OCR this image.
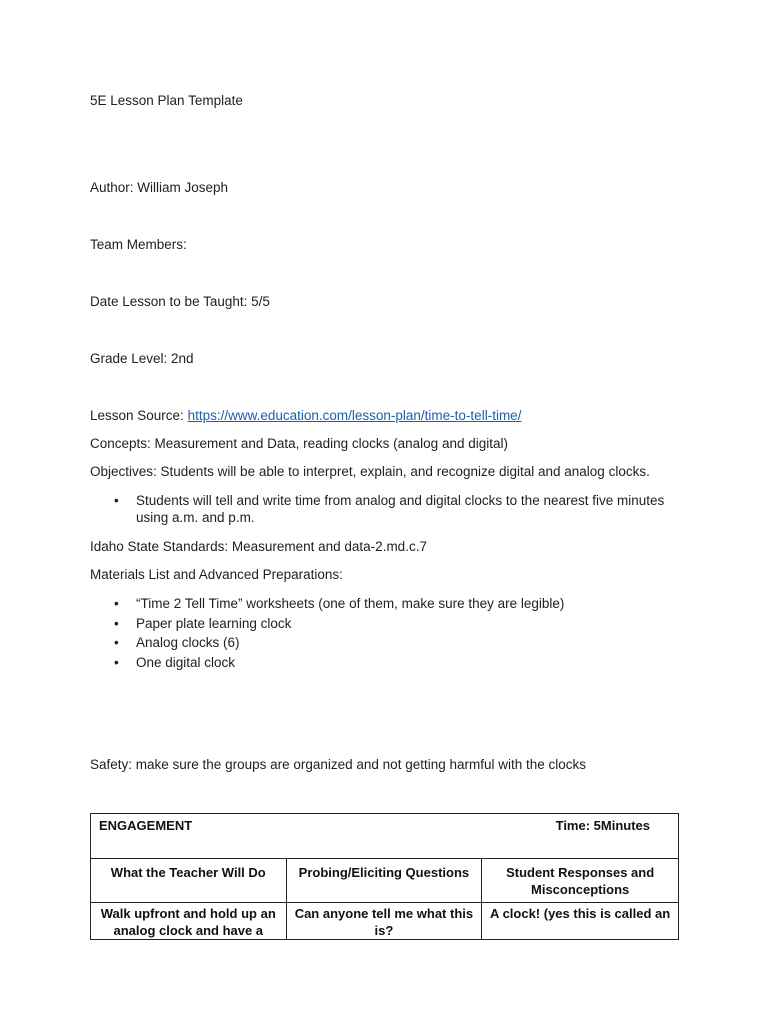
5E Lesson Plan Template
Author: William Joseph
Team Members:
Date Lesson to be Taught: 5/5
Grade Level: 2nd
Lesson Source: https://www.education.com/lesson-plan/time-to-tell-time/
Concepts: Measurement and Data, reading clocks (analog and digital)
Objectives: Students will be able to interpret, explain, and recognize digital and analog clocks.
• Students will tell and write time from analog and digital clocks to the nearest five minutes
using a.m. and p.m.
Idaho State Standards: Measurement and data-2.md.c.7
Materials List and Advanced Preparations:
• “Time 2 Tell Time” worksheets (one of them, make sure they are legible)
• Paper plate learning clock
• Analog clocks (6)
• One digital clock
Safety: make sure the groups are organized and not getting harmful with the clocks
ENGAGEMENT Time: 5Minutes		

What the Teacher Will Do	Probing/Eliciting Questions	Student Responses and Misconceptions
Walk upfront and hold up an analog clock and have a	Can anyone tell me what this is?	A clock! (yes this is called an
